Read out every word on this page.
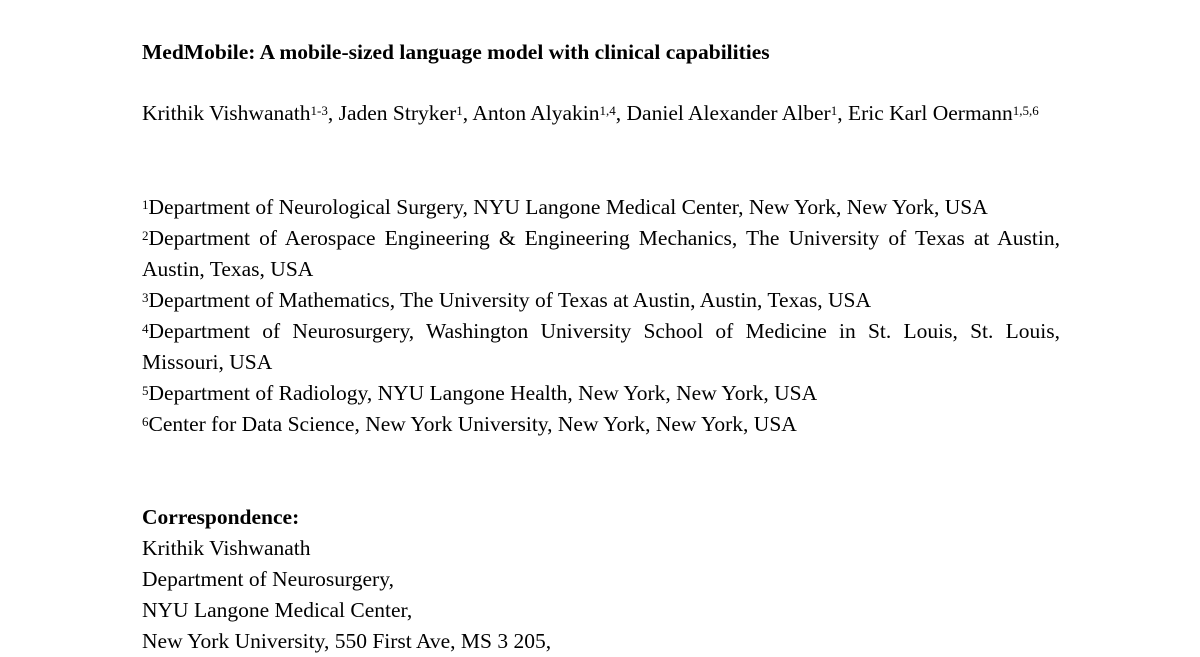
MedMobile: A mobile-sized language model with clinical capabilities

Krithik Vishwanath$^{1-3}$, Jaden Stryker$^1$, Anton Alyakin$^{1,4}$, Daniel Alexander Alber$^1$, Eric Karl Oermann$^{1,5,6}$

$^1$Department of Neurological Surgery, NYU Langone Medical Center, New York, New York, USA
$^2$Department of Aerospace Engineering & Engineering Mechanics, The University of Texas at Austin, Austin, Texas, USA
$^3$Department of Mathematics, The University of Texas at Austin, Austin, Texas, USA
$^4$Department of Neurosurgery, Washington University School of Medicine in St. Louis, St. Louis, Missouri, USA
$^5$Department of Radiology, NYU Langone Health, New York, New York, USA
$^6$Center for Data Science, New York University, New York, New York, USA

Correspondence:

Krithik Vishwanath

Department of Neurosurgery,

NYU Langone Medical Center,

New York University, 550 First Ave, MS 3 205,
